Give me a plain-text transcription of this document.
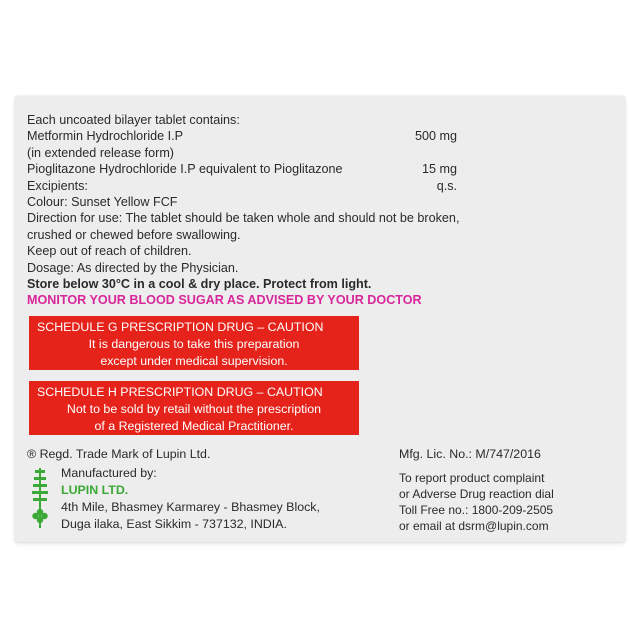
Each uncoated bilayer tablet contains:
Metformin Hydrochloride I.P	500 mg
(in extended release form)
Pioglitazone Hydrochloride I.P equivalent to Pioglitazone	15 mg
Excipients:	q.s.
Colour: Sunset Yellow FCF
Direction for use: The tablet should be taken whole and should not be broken,
crushed or chewed before swallowing.
Keep out of reach of children.
Dosage: As directed by the Physician.
Store below 30°C in a cool & dry place. Protect from light.
MONITOR YOUR BLOOD SUGAR AS ADVISED BY YOUR DOCTOR
SCHEDULE G PRESCRIPTION DRUG – CAUTION
It is dangerous to take this preparation
except under medical supervision.
SCHEDULE H PRESCRIPTION DRUG – CAUTION
Not to be sold by retail without the prescription
of a Registered Medical Practitioner.
® Regd. Trade Mark of Lupin Ltd.	Mfg. Lic. No.: M/747/2016
Manufactured by:
LUPIN LTD.
4th Mile, Bhasmey Karmarey - Bhasmey Block,
Duga ilaka, East Sikkim - 737132, INDIA.
To report product complaint
or Adverse Drug reaction dial
Toll Free no.: 1800-209-2505
or email at dsrm@lupin.com
